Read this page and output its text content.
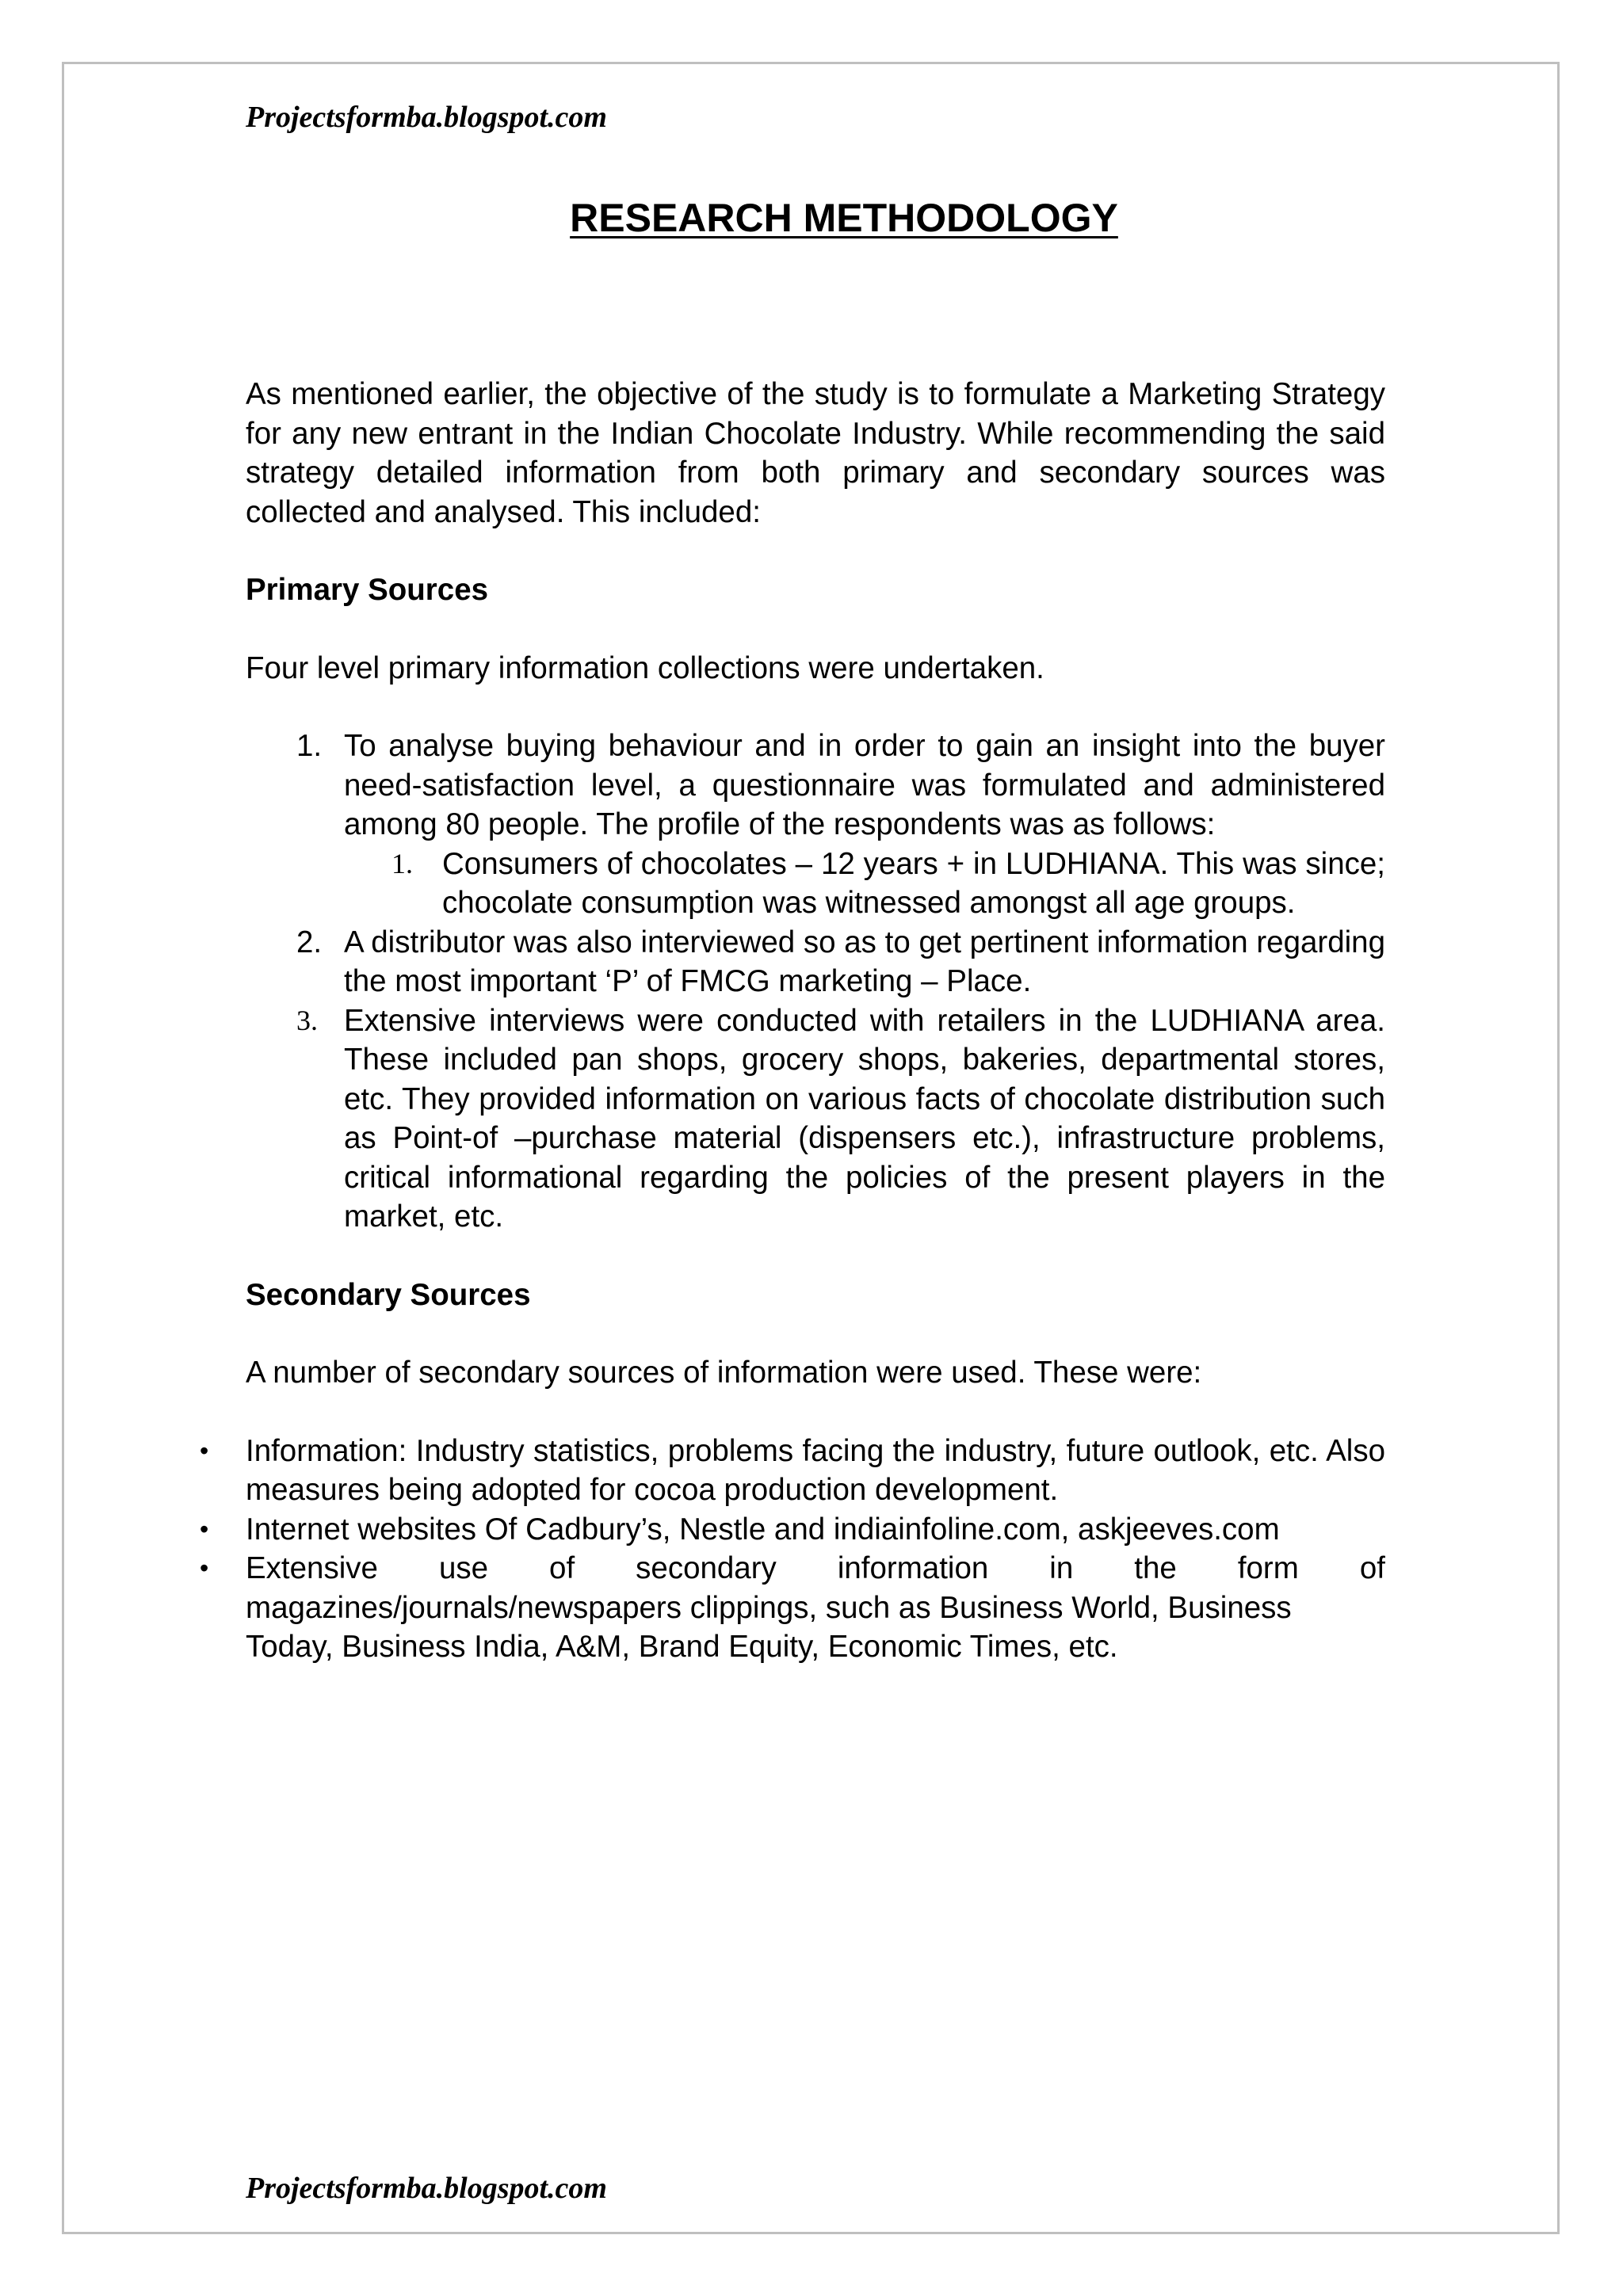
Projectsformba.blogspot.com
RESEARCH METHODOLOGY

As mentioned earlier, the objective of the study is to formulate a Marketing Strategy for any new entrant in the Indian Chocolate Industry. While recommending the said strategy detailed information from both primary and secondary sources was collected and analysed. This included:

Primary Sources

Four level primary information collections were undertaken.

1. To analyse buying behaviour and in order to gain an insight into the buyer need-satisfaction level, a questionnaire was formulated and administered among 80 people. The profile of the respondents was as follows:

1. Consumers of chocolates – 12 years + in LUDHIANA. This was since; chocolate consumption was witnessed amongst all age groups.

2. A distributor was also interviewed so as to get pertinent information regarding the most important ‘P’ of FMCG marketing – Place.

3. Extensive interviews were conducted with retailers in the LUDHIANA area. These included pan shops, grocery shops, bakeries, departmental stores, etc. They provided information on various facts of chocolate distribution such as Point-of –purchase material (dispensers etc.), infrastructure problems, critical informational regarding the policies of the present players in the market, etc.

Secondary Sources

A number of secondary sources of information were used. These were:

• Information: Industry statistics, problems facing the industry, future outlook, etc. Also measures being adopted for cocoa production development.

• Internet websites Of Cadbury’s, Nestle and indiainfoline.com, askjeeves.com

• Extensive use of secondary information in the form of

magazines/journals/newspapers clippings, such as Business World, Business Today, Business India, A&M, Brand Equity, Economic Times, etc.

Projectsformba.blogspot.com
